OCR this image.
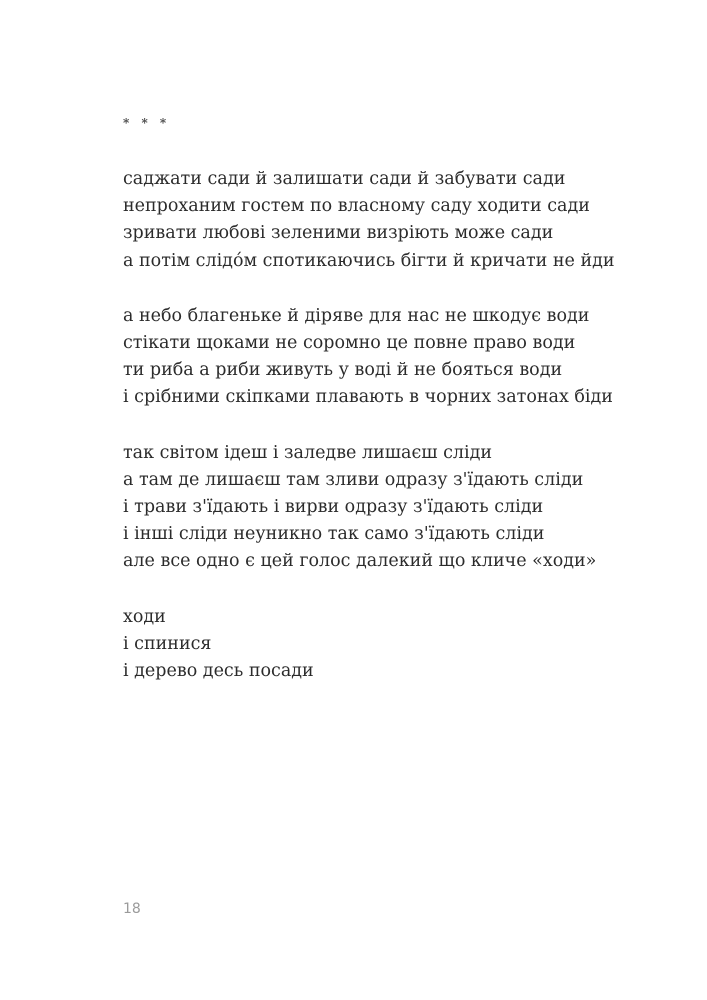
* * *
саджати сади й залишати сади й забувати сади
непроханим гостем по власному саду ходити сади
зривати любові зеленими визріють може сади
а потім слідо́м спотикаючись бігти й кричати не йди
а небо благеньке й діряве для нас не шкодує води
стікати щоками не соромно це повне право води
ти риба а риби живуть у воді й не бояться води
і срібними скіпками плавають в чорних затонах біди
так світом ідеш і заледве лишаєш сліди
а там де лишаєш там зливи одразу з'їдають сліди
і трави з'їдають і вирви одразу з'їдають сліди
і інші сліди неуникно так само з'їдають сліди
але все одно є цей голос далекий що кличе «ходи»
ходи
і спинися
і дерево десь посади
18
